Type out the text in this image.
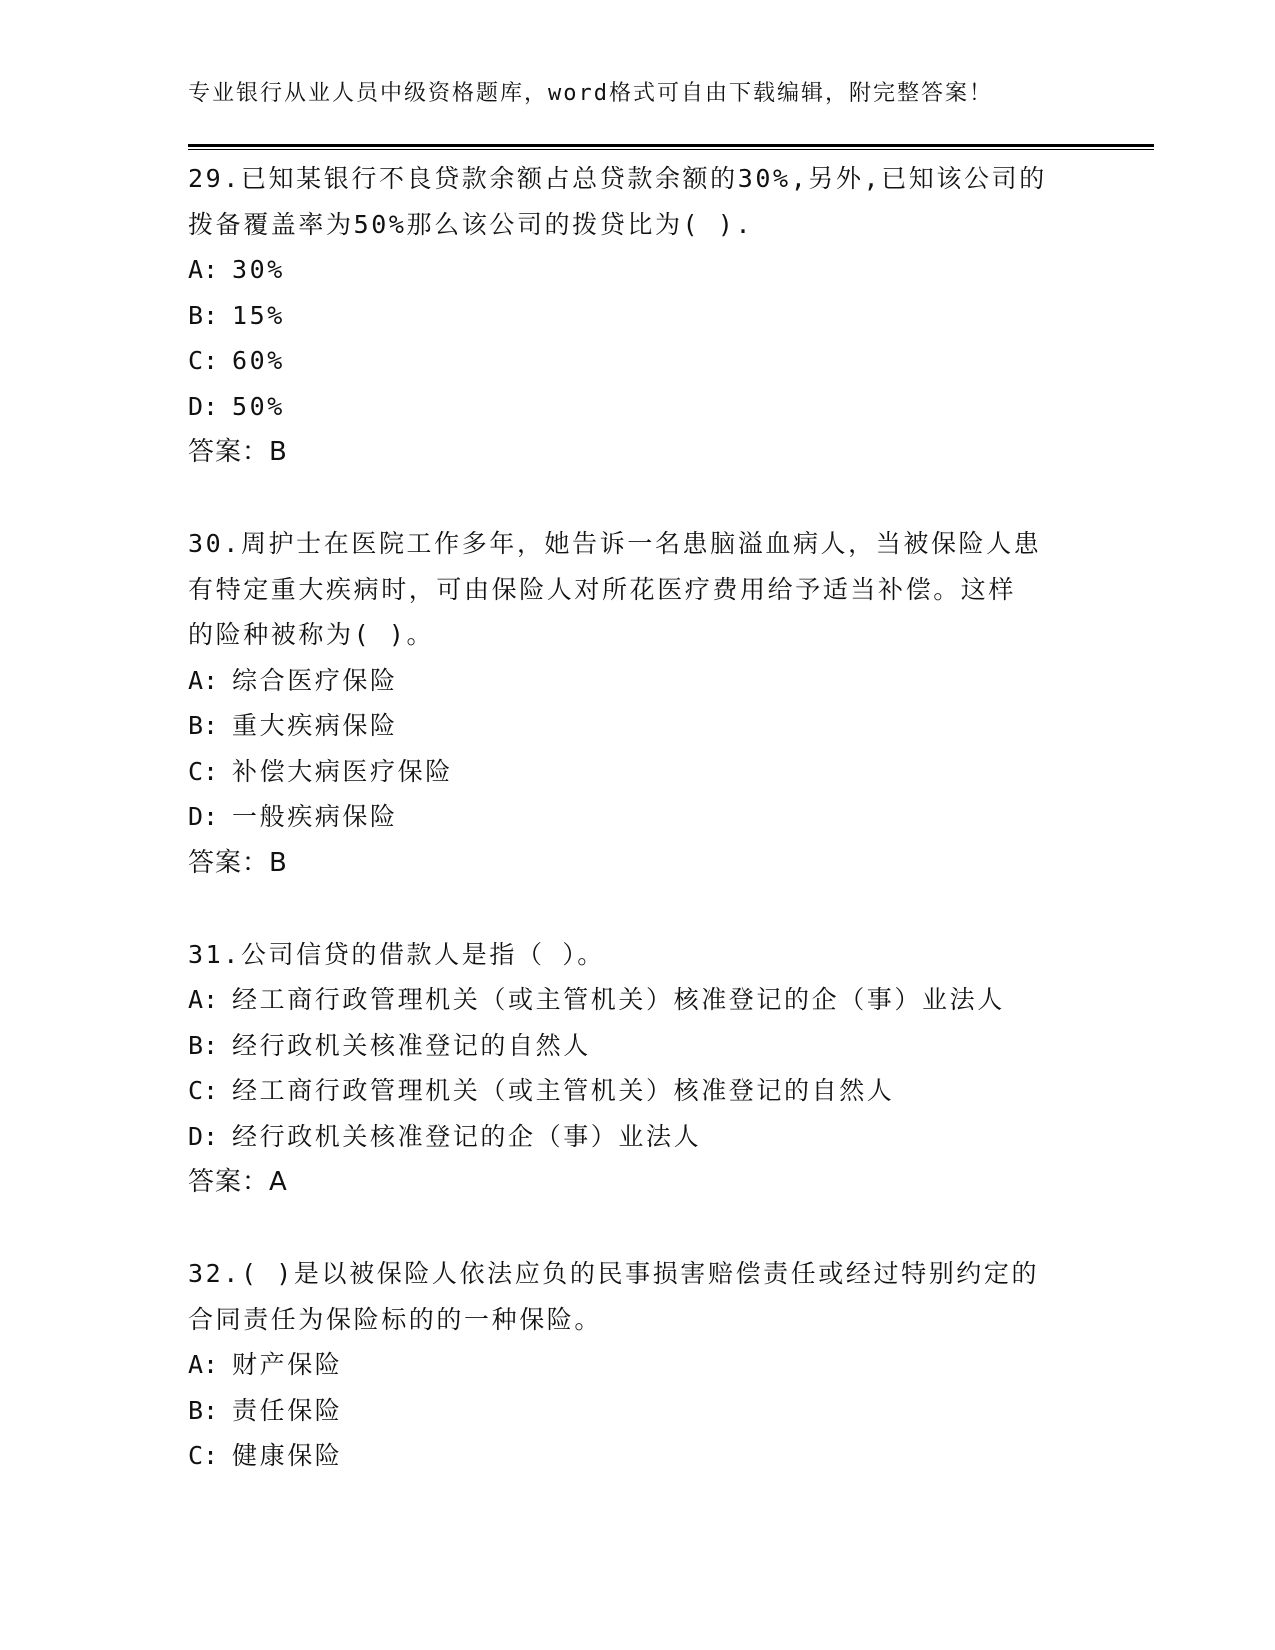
专业银行从业人员中级资格题库，word格式可自由下载编辑，附完整答案！
29.已知某银行不良贷款余额占总贷款余额的30%,另外,已知该公司的
拨备覆盖率为50%那么该公司的拨贷比为( ).
A: 30%
B: 15%
C: 60%
D: 50%
答案：B
30.周护士在医院工作多年，她告诉一名患脑溢血病人，当被保险人患
有特定重大疾病时，可由保险人对所花医疗费用给予适当补偿。这样
的险种被称为( )。
A: 综合医疗保险
B: 重大疾病保险
C: 补偿大病医疗保险
D: 一般疾病保险
答案：B
31.公司信贷的借款人是指（ ）。
A: 经工商行政管理机关（或主管机关）核准登记的企（事）业法人
B: 经行政机关核准登记的自然人
C: 经工商行政管理机关（或主管机关）核准登记的自然人
D: 经行政机关核准登记的企（事）业法人
答案：A
32.( )是以被保险人依法应负的民事损害赔偿责任或经过特别约定的
合同责任为保险标的的一种保险。
A: 财产保险
B: 责任保险
C: 健康保险
